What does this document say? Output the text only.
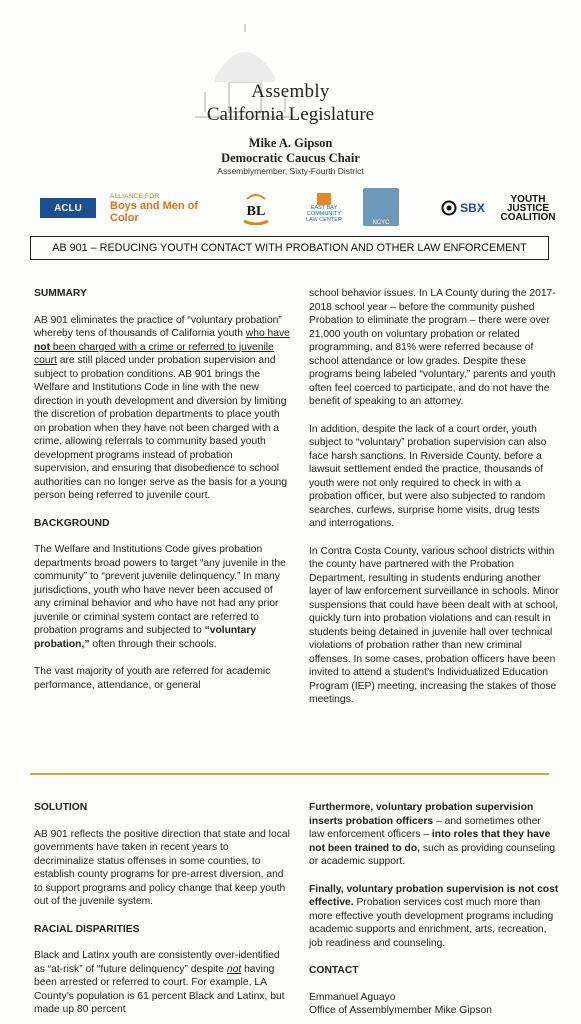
Assembly
California Legislature
Mike A. Gipson
Democratic Caucus Chair
Assemblymember, Sixty-Fourth District
ACLU
ALLIANCE FOR
Boys and Men of Color	BL	EAST BAY
COMMUNITY
LAW CENTER	NCYC
SBX
YOUTH
JUSTICE
COALITION
AB 901 – REDUCING YOUTH CONTACT WITH PROBATION AND OTHER LAW ENFORCEMENT

SUMMARY

AB 901 eliminates the practice of “voluntary probation” whereby tens of thousands of California youth who have not been charged with a crime or referred to juvenile court are still placed under probation supervision and subject to probation conditions. AB 901 brings the Welfare and Institutions Code in line with the new direction in youth development and diversion by limiting the discretion of probation departments to place youth on probation when they have not been charged with a crime, allowing referrals to community based youth development programs instead of probation supervision, and ensuring that disobedience to school authorities can no longer serve as the basis for a young person being referred to juvenile court.

BACKGROUND

The Welfare and Institutions Code gives probation departments broad powers to target “any juvenile in the community” to “prevent juvenile delinquency.” In many jurisdictions, youth who have never been accused of any criminal behavior and who have not had any prior juvenile or criminal system contact are referred to probation programs and subjected to “voluntary probation,” often through their schools.

The vast majority of youth are referred for academic performance, attendance, or general

school behavior issues. In LA County during the 2017-2018 school year – before the community pushed Probation to eliminate the program – there were over 21,000 youth on voluntary probation or related programming, and 81% were referred because of school attendance or low grades. Despite these programs being labeled “voluntary,” parents and youth often feel coerced to participate, and do not have the benefit of speaking to an attorney.

In addition, despite the lack of a court order, youth subject to “voluntary” probation supervision can also face harsh sanctions. In Riverside County, before a lawsuit settlement ended the practice, thousands of youth were not only required to check in with a probation officer, but were also subjected to random searches, curfews, surprise home visits, drug tests and interrogations.

In Contra Costa County, various school districts within the county have partnered with the Probation Department, resulting in students enduring another layer of law enforcement surveillance in schools. Minor suspensions that could have been dealt with at school, quickly turn into probation violations and can result in students being detained in juvenile hall over technical violations of probation rather than new criminal offenses. In some cases, probation officers have been invited to attend a student’s Individualized Education Program (IEP) meeting, increasing the stakes of those meetings.

SOLUTION

AB 901 reflects the positive direction that state and local governments have taken in recent years to decriminalize status offenses in some counties, to establish county programs for pre-arrest diversion, and to support programs and policy change that keep youth out of the juvenile system.

RACIAL DISPARITIES

Black and Latinx youth are consistently over-identified as “at-risk” of “future delinquency” despite not having been arrested or referred to court. For example, LA County’s population is 61 percent Black and Latinx, but made up 80 percent

Furthermore, voluntary probation supervision inserts probation officers – and sometimes other law enforcement officers – into roles that they have not been trained to do, such as providing counseling or academic support.

Finally, voluntary probation supervision is not cost effective. Probation services cost much more than more effective youth development programs including academic supports and enrichment, arts, recreation, job readiness and counseling.

CONTACT

Emmanuel Aguayo

Office of Assemblymember Mike Gipson
